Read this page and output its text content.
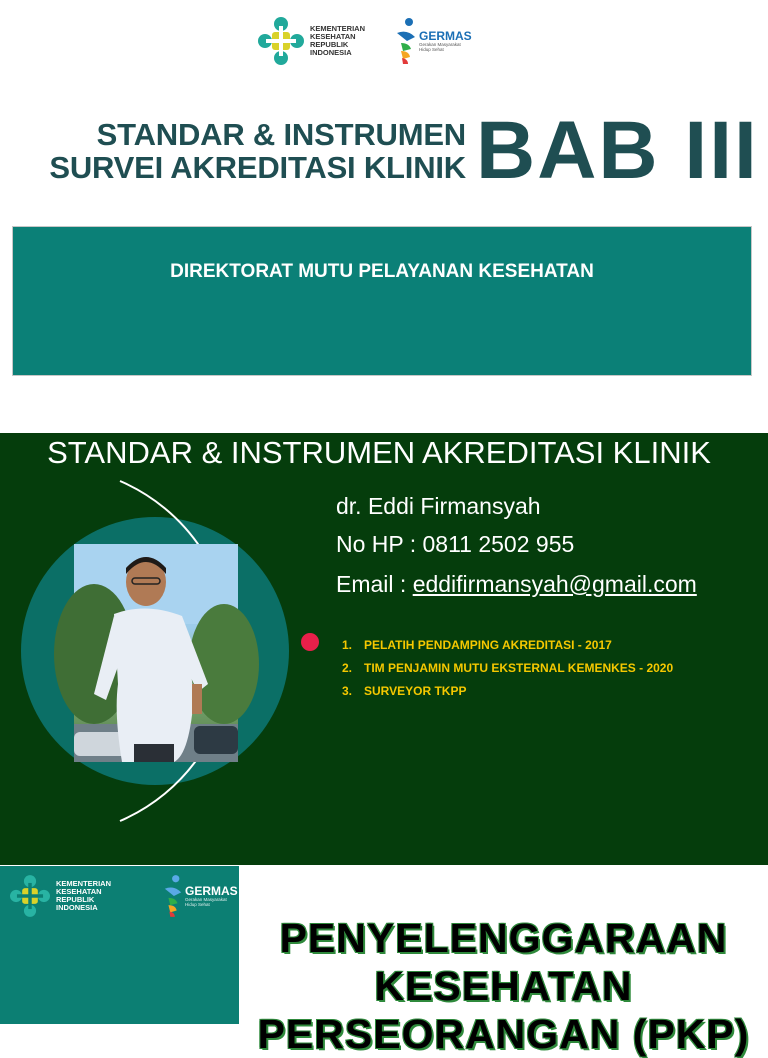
KEMENTERIAN
KESEHATAN
REPUBLIK
INDONESIA
GERMAS
Gerakan Masyarakat
Hidup Sehat
STANDAR & INSTRUMEN
SURVEI AKREDITASI KLINIK BAB III
DIREKTORAT MUTU PELAYANAN KESEHATAN
STANDAR & INSTRUMEN AKREDITASI KLINIK
dr. Eddi Firmansyah
No HP : 0811 2502 955
Email : eddifirmansyah@gmail.com
1. PELATIH PENDAMPING AKREDITASI - 2017
2. TIM PENJAMIN MUTU EKSTERNAL KEMENKES - 2020
3. SURVEYOR TKPP
KEMENTERIAN
KESEHATAN
REPUBLIK
INDONESIA
GERMAS
Gerakan Masyarakat
Hidup Sehat
PENYELENGGARAAN
KESEHATAN
PERSEORANGAN (PKP)
